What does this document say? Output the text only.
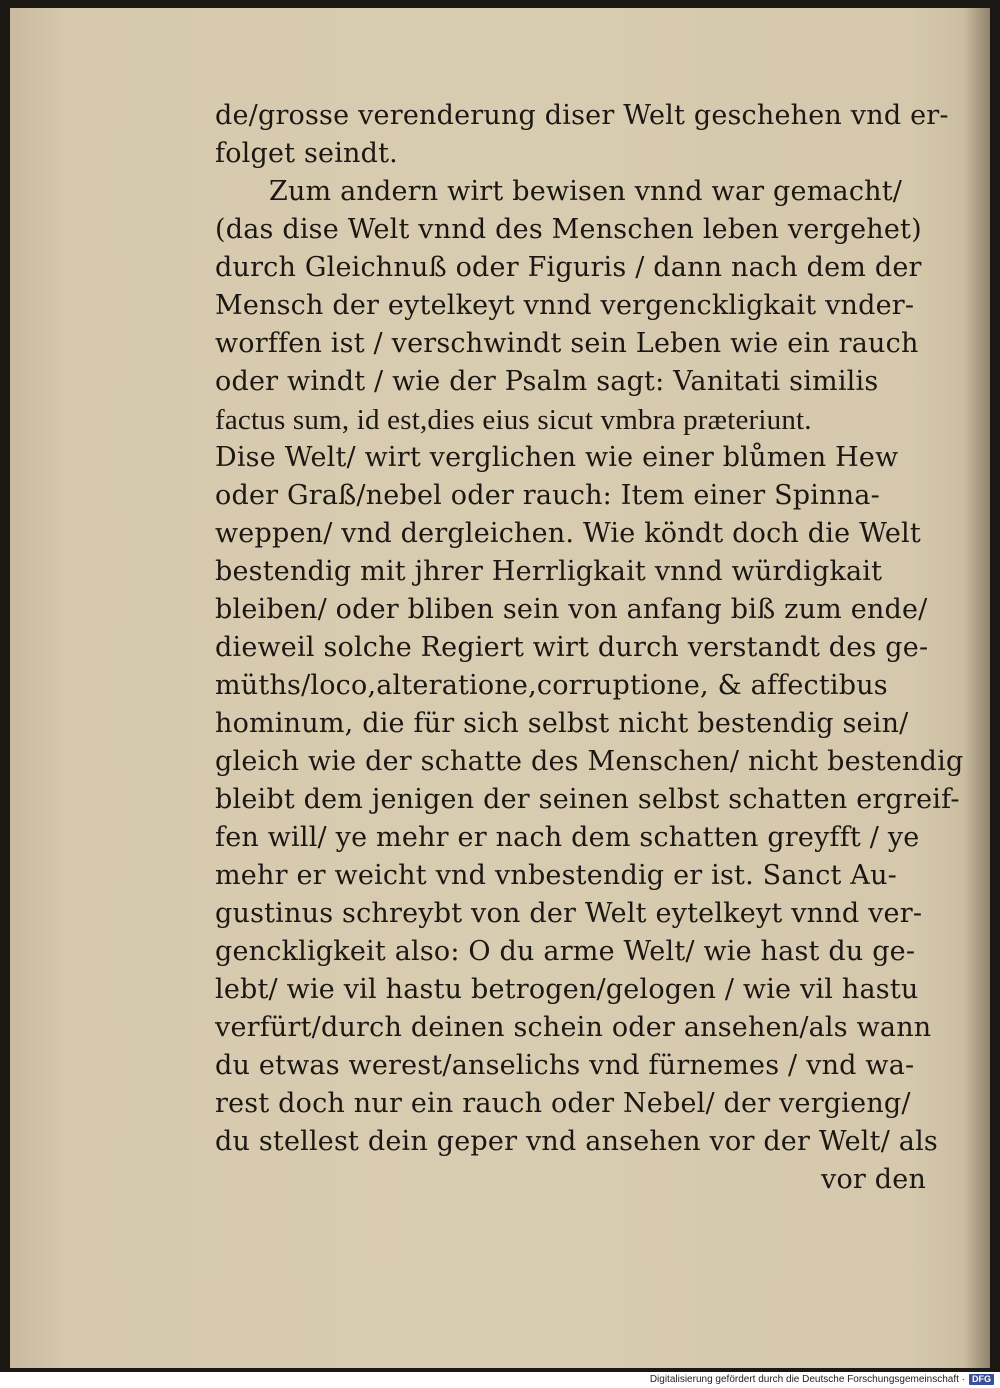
de/grosse verenderung diser Welt geschehen vnd er-
folget seindt.
Zum andern wirt bewisen vnnd war gemacht/
(das dise Welt vnnd des Menschen leben vergehet)
durch Gleichnuß oder Figuris / dann nach dem der
Mensch der eytelkeyt vnnd vergenckligkait vnder-
worffen ist / verschwindt sein Leben wie ein rauch
oder windt / wie der Psalm sagt: Vanitati similis
factus sum, id est,dies eius sicut vmbra præteriunt.
Dise Welt/ wirt verglichen wie einer blůmen Hew
oder Graß/nebel oder rauch: Item einer Spinna-
weppen/ vnd dergleichen. Wie köndt doch die Welt
bestendig mit jhrer Herrligkait vnnd würdigkait
bleiben/ oder bliben sein von anfang biß zum ende/
dieweil solche Regiert wirt durch verstandt des ge-
müths/loco,alteratione,corruptione, & affectibus
hominum, die für sich selbst nicht bestendig sein/
gleich wie der schatte des Menschen/ nicht bestendig
bleibt dem jenigen der seinen selbst schatten ergreif-
fen will/ ye mehr er nach dem schatten greyfft / ye
mehr er weicht vnd vnbestendig er ist. Sanct Au-
gustinus schreybt von der Welt eytelkeyt vnnd ver-
genckligkeit also: O du arme Welt/ wie hast du ge-
lebt/ wie vil hastu betrogen/gelogen / wie vil hastu
verfürt/durch deinen schein oder ansehen/als wann
du etwas werest/anselichs vnd fürnemes / vnd wa-
rest doch nur ein rauch oder Nebel/ der vergieng/
du stellest dein geper vnd ansehen vor der Welt/ als
vor den
Digitalisierung gefördert durch die Deutsche Forschungsgemeinschaft · DFG
